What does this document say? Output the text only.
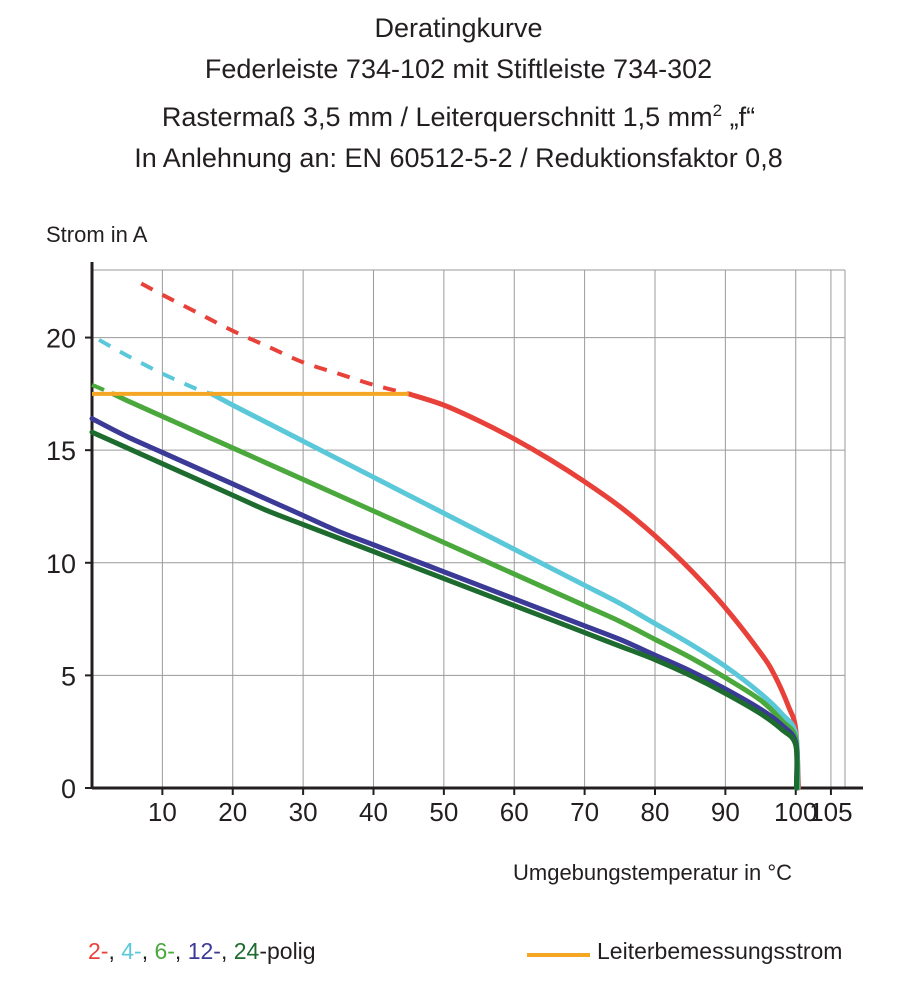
Deratingkurve
Federleiste 734-102 mit Stiftleiste 734-302
Rastermaß 3,5 mm / Leiterquerschnitt 1,5 $mm^2$ „f“
In Anlehnung an: EN 60512-5-2 / Reduktionsfaktor 0,8
Strom in A
10 20 30 40 50 60 70 80 90 100
105
0
5
10
15
20
Umgebungstemperatur in °C
2-, 4-, 6-, 12-, 24-polig	Leiterbemessungsstrom
